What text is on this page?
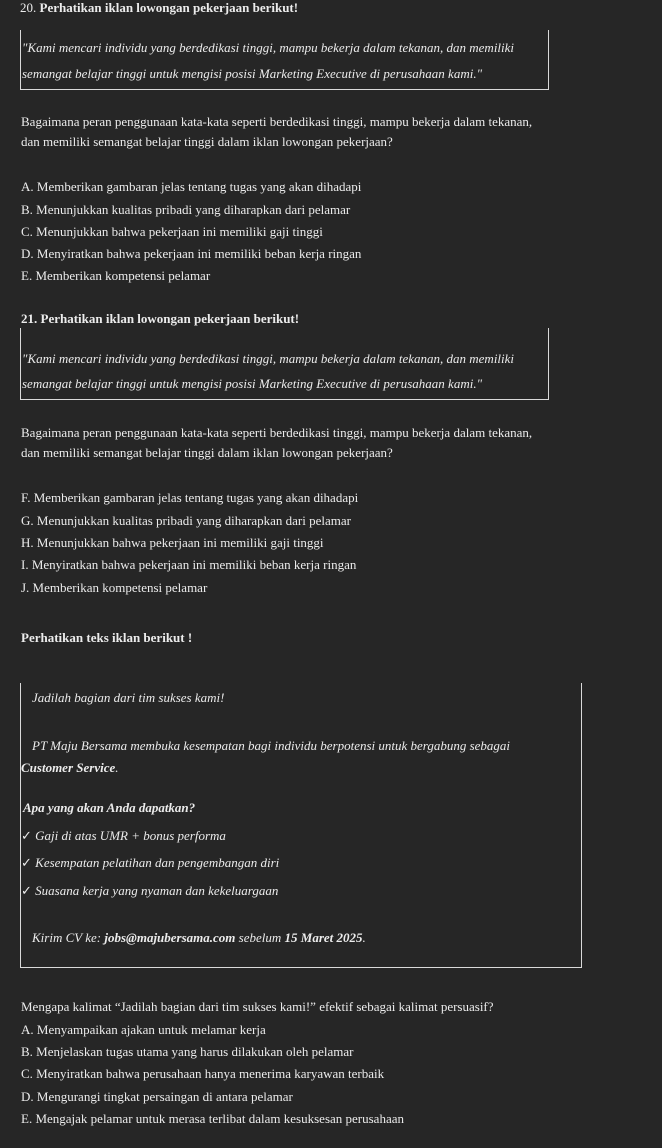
20. Perhatikan iklan lowongan pekerjaan berikut!
"Kami mencari individu yang berdedikasi tinggi, mampu bekerja dalam tekanan, dan memiliki
semangat belajar tinggi untuk mengisi posisi Marketing Executive di perusahaan kami."
Bagaimana peran penggunaan kata-kata seperti berdedikasi tinggi, mampu bekerja dalam tekanan,
dan memiliki semangat belajar tinggi dalam iklan lowongan pekerjaan?
A. Memberikan gambaran jelas tentang tugas yang akan dihadapi
B. Menunjukkan kualitas pribadi yang diharapkan dari pelamar
C. Menunjukkan bahwa pekerjaan ini memiliki gaji tinggi
D. Menyiratkan bahwa pekerjaan ini memiliki beban kerja ringan
E. Memberikan kompetensi pelamar
21. Perhatikan iklan lowongan pekerjaan berikut!
"Kami mencari individu yang berdedikasi tinggi, mampu bekerja dalam tekanan, dan memiliki
semangat belajar tinggi untuk mengisi posisi Marketing Executive di perusahaan kami."
Bagaimana peran penggunaan kata-kata seperti berdedikasi tinggi, mampu bekerja dalam tekanan,
dan memiliki semangat belajar tinggi dalam iklan lowongan pekerjaan?
F. Memberikan gambaran jelas tentang tugas yang akan dihadapi
G. Menunjukkan kualitas pribadi yang diharapkan dari pelamar
H. Menunjukkan bahwa pekerjaan ini memiliki gaji tinggi
I. Menyiratkan bahwa pekerjaan ini memiliki beban kerja ringan
J. Memberikan kompetensi pelamar
Perhatikan teks iklan berikut !
Jadilah bagian dari tim sukses kami!
PT Maju Bersama membuka kesempatan bagi individu berpotensi untuk bergabung sebagai
Customer Service.
Apa yang akan Anda dapatkan?
✓ Gaji di atas UMR + bonus performa
✓ Kesempatan pelatihan dan pengembangan diri
✓ Suasana kerja yang nyaman dan kekeluargaan
Kirim CV ke: jobs@majubersama.com sebelum 15 Maret 2025.
Mengapa kalimat “Jadilah bagian dari tim sukses kami!” efektif sebagai kalimat persuasif?
A. Menyampaikan ajakan untuk melamar kerja
B. Menjelaskan tugas utama yang harus dilakukan oleh pelamar
C. Menyiratkan bahwa perusahaan hanya menerima karyawan terbaik
D. Mengurangi tingkat persaingan di antara pelamar
E. Mengajak pelamar untuk merasa terlibat dalam kesuksesan perusahaan
